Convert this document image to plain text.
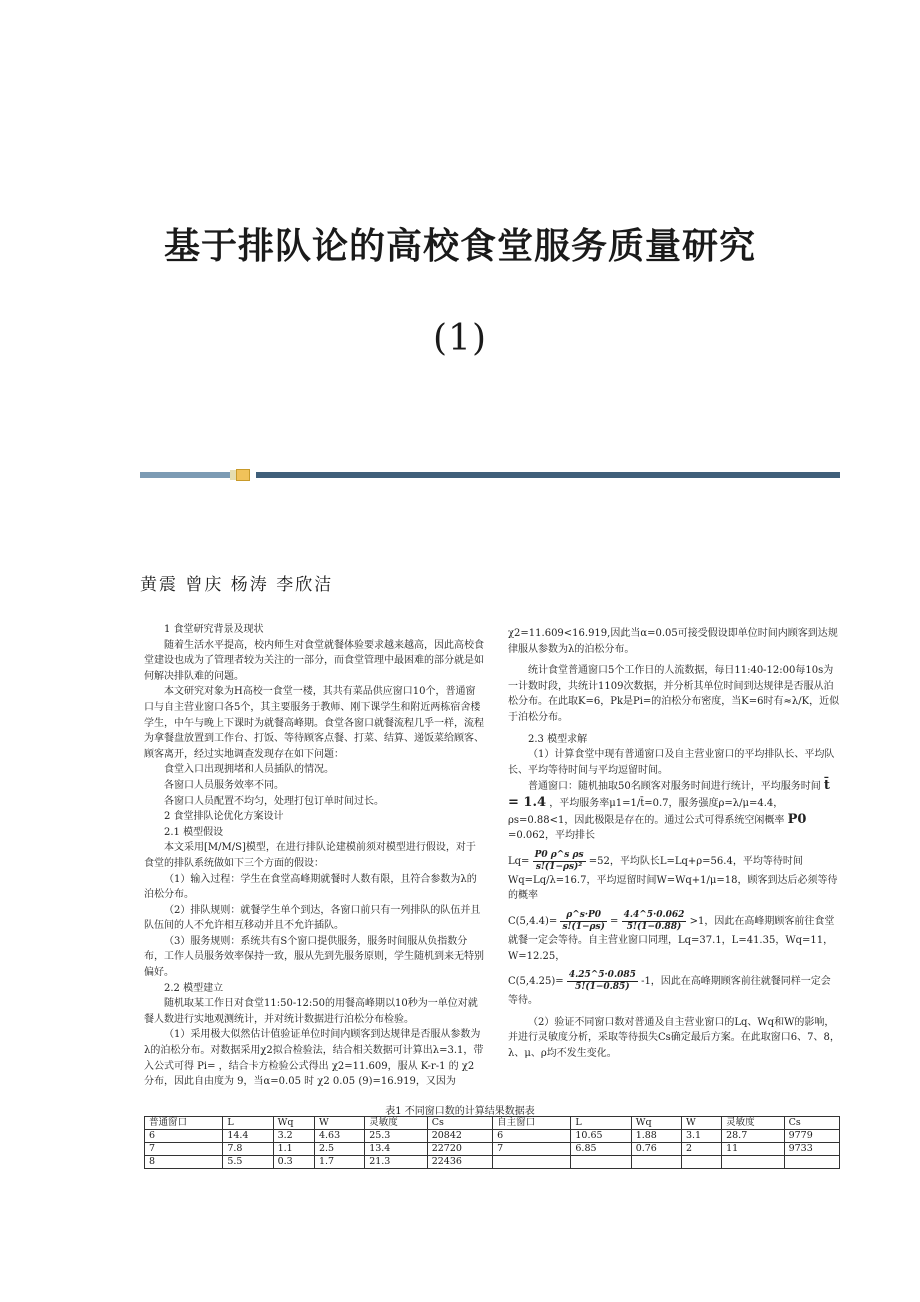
基于排队论的高校食堂服务质量研究
(1)
黄震 曾庆 杨涛 李欣洁

1 食堂研究背景及现状

随着生活水平提高，校内师生对食堂就餐体验要求越来越高，因此高校食堂建设也成为了管理者较为关注的一部分，而食堂管理中最困难的部分就是如何解决排队难的问题。

本文研究对象为H高校一食堂一楼，其共有菜品供应窗口10个，普通窗口与自主营业窗口各5个，其主要服务于教师、刚下课学生和附近两栋宿舍楼学生，中午与晚上下课时为就餐高峰期。食堂各窗口就餐流程几乎一样，流程为拿餐盘放置到工作台、打饭、等待顾客点餐、打菜、结算、递饭菜给顾客、顾客离开，经过实地调查发现存在如下问题：

食堂入口出现拥堵和人员插队的情况。

各窗口人员服务效率不同。

各窗口人员配置不均匀，处理打包订单时间过长。

2 食堂排队论优化方案设计

2.1 模型假设

本文采用[M/M/S]模型，在进行排队论建模前须对模型进行假设，对于食堂的排队系统做如下三个方面的假设：

（1）输入过程：学生在食堂高峰期就餐时人数有限，且符合参数为λ的泊松分布。

（2）排队规则：就餐学生单个到达，各窗口前只有一列排队的队伍并且队伍间的人不允许相互移动并且不允许插队。

（3）服务规则：系统共有S个窗口提供服务，服务时间服从负指数分布，工作人员服务效率保持一致，服从先到先服务原则，学生随机到来无特别偏好。

2.2 模型建立

随机取某工作日对食堂11:50-12:50的用餐高峰期以10秒为一单位对就餐人数进行实地观测统计，并对统计数据进行泊松分布检验。

（1）采用极大似然估计值验证单位时间内顾客到达规律是否服从参数为λ的泊松分布。对数据采用χ2拟合检验法，结合相关数据可计算出λ=3.1，带入公式可得 Pi= ，结合卡方检验公式得出 χ2=11.609，服从 K-r-1 的 χ2 分布，因此自由度为 9，当α=0.05 时 χ2 0.05 (9)=16.919，又因为

χ2=11.609<16.919,因此当α=0.05可接受假设即单位时间内顾客到达规律服从参数为λ的泊松分布。

统计食堂普通窗口5个工作日的人流数据，每日11:40-12:00每10s为一计数时段，共统计1109次数据，并分析其单位时间到达规律是否服从泊松分布。在此取K=6，Pk是Pi=的泊松分布密度，当K=6时有≈λ/K，近似于泊松分布。

2.3 模型求解

（1）计算食堂中现有普通窗口及自主营业窗口的平均排队长、平均队长、平均等待时间与平均逗留时间。

普通窗口：随机抽取50名顾客对服务时间进行统计，平均服务时间 t̄ = 1.4 ，平均服务率μ1=1/t̄=0.7，服务强度ρ=λ/μ=4.4，ρs=0.88<1，因此极限是存在的。通过公式可得系统空闲概率 P0 =0.062，平均排长

$Lq= \frac{\text{P0 ρ\textasciicircum{}s ρs}}{\text{s!(1−ρs)²}} =52$，平均队长L=Lq+ρ=56.4，平均等待时间Wq=Lq/λ=16.7，平均逗留时间W=Wq+1/μ=18，顾客到达后必须等待的概率

$C(5,4.4)= \frac{\rho\^{}s\cdot P0}{s!(1-\rho s)} = \frac{4.4\^{}5\cdot 0.062}{5!(1-0.88)} >1$，因此在高峰期顾客前往食堂就餐一定会等待。自主营业窗口同理，Lq=37.1，L=41.35，Wq=11，W=12.25，

$C(5,4.25)= \frac{4.25\^{}5\cdot 0.085}{5!(1-0.85)} -1$，因此在高峰期顾客前往就餐同样一定会等待。

（2）验证不同窗口数对普通及自主营业窗口的Lq、Wq和W的影响，并进行灵敏度分析，采取等待损失Cs确定最后方案。在此取窗口6、7、8，λ、μ、ρ均不发生变化。

表1 不同窗口数的计算结果数据表
普通窗口	L	Wq	W	灵敏度	Cs	自主窗口	L	Wq	W	灵敏度	Cs
6	14.4	3.2	4.63	25.3	20842	6	10.65	1.88	3.1	28.7	9779
7	7.8	1.1	2.5	13.4	22720	7	6.85	0.76	2	11	9733
8	5.5	0.3	1.7	21.3	22436						
